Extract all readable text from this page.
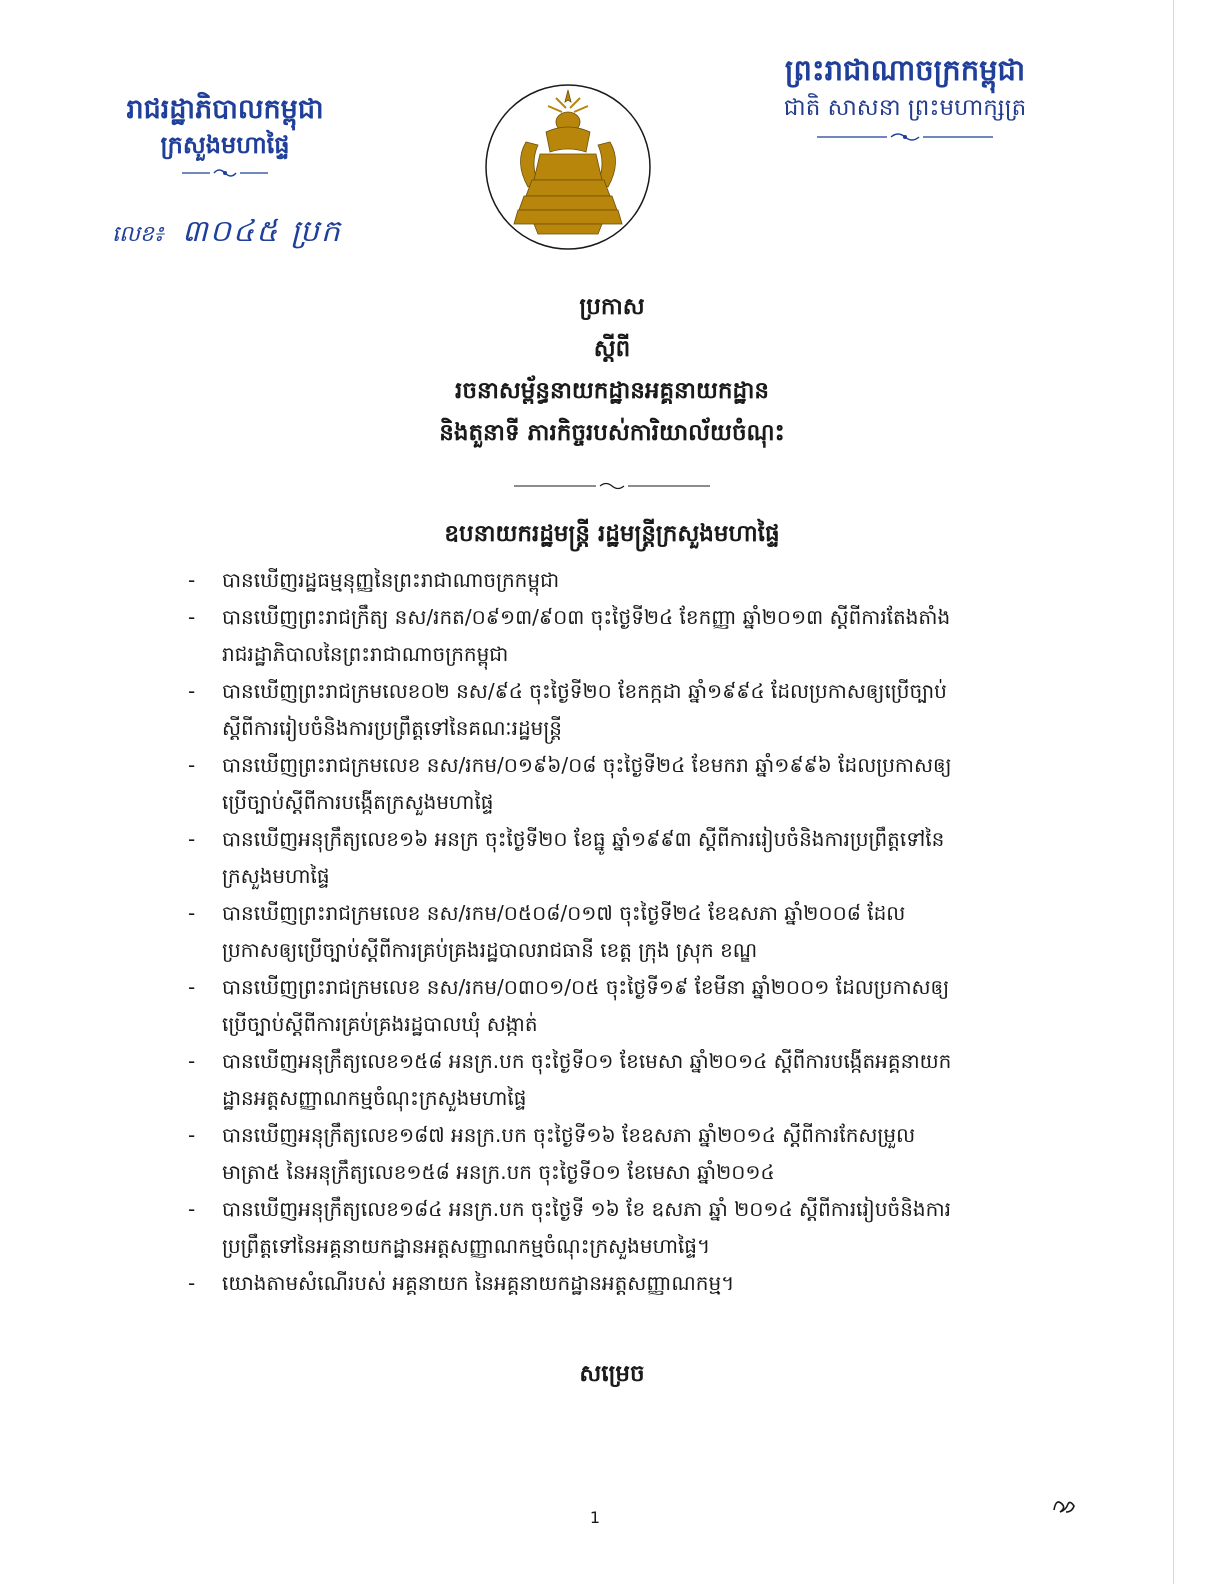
រាជរដ្ឋាភិបាលកម្ពុជា
ក្រសួងមហាផ្ទៃ
លេខ៖ ៣០៤៥ ប្រក
ព្រះរាជាណាចក្រកម្ពុជា
ជាតិ សាសនា ព្រះមហាក្សត្រ
ប្រកាស
ស្តីពី
រចនាសម្ព័ន្ធនាយកដ្ឋានអគ្គនាយកដ្ឋាន
និងតួនាទី ភារកិច្ចរបស់ការិយាល័យចំណុះ
ឧបនាយករដ្ឋមន្ត្រី រដ្ឋមន្ត្រីក្រសួងមហាផ្ទៃ
- បានឃើញរដ្ឋធម្មនុញ្ញនៃព្រះរាជាណាចក្រកម្ពុជា
- បានឃើញព្រះរាជក្រឹត្យ នស/រកត/០៩១៣/៩០៣ ចុះថ្ងៃទី២៤ ខែកញ្ញា ឆ្នាំ២០១៣ ស្តីពីការតែងតាំង
រាជរដ្ឋាភិបាលនៃព្រះរាជាណាចក្រកម្ពុជា
- បានឃើញព្រះរាជក្រមលេខ០២ នស/៩៤ ចុះថ្ងៃទី២០ ខែកក្កដា ឆ្នាំ១៩៩៤ ដែលប្រកាសឲ្យប្រើច្បាប់
ស្តីពីការរៀបចំនិងការប្រព្រឹត្តទៅនៃគណៈរដ្ឋមន្ត្រី
- បានឃើញព្រះរាជក្រមលេខ នស/រកម/០១៩៦/០៨ ចុះថ្ងៃទី២៤ ខែមករា ឆ្នាំ១៩៩៦ ដែលប្រកាសឲ្យ
ប្រើច្បាប់ស្តីពីការបង្កើតក្រសួងមហាផ្ទៃ
- បានឃើញអនុក្រឹត្យលេខ១៦ អនក្រ ចុះថ្ងៃទី២០ ខែធ្នូ ឆ្នាំ១៩៩៣ ស្តីពីការរៀបចំនិងការប្រព្រឹត្តទៅនៃ
ក្រសួងមហាផ្ទៃ
- បានឃើញព្រះរាជក្រមលេខ នស/រកម/០៥០៨/០១៧ ចុះថ្ងៃទី២៤ ខែឧសភា ឆ្នាំ២០០៨ ដែល
ប្រកាសឲ្យប្រើច្បាប់ស្តីពីការគ្រប់គ្រងរដ្ឋបាលរាជធានី ខេត្ត ក្រុង ស្រុក ខណ្ឌ
- បានឃើញព្រះរាជក្រមលេខ នស/រកម/០៣០១/០៥ ចុះថ្ងៃទី១៩ ខែមីនា ឆ្នាំ២០០១ ដែលប្រកាសឲ្យ
ប្រើច្បាប់ស្តីពីការគ្រប់គ្រងរដ្ឋបាលឃុំ សង្កាត់
- បានឃើញអនុក្រឹត្យលេខ១៥៨ អនក្រ.បក ចុះថ្ងៃទី០១ ខែមេសា ឆ្នាំ២០១៤ ស្តីពីការបង្កើតអគ្គនាយក
ដ្ឋានអត្តសញ្ញាណកម្មចំណុះក្រសួងមហាផ្ទៃ
- បានឃើញអនុក្រឹត្យលេខ១៨៧ អនក្រ.បក ចុះថ្ងៃទី១៦ ខែឧសភា ឆ្នាំ២០១៤ ស្តីពីការកែសម្រួល
មាត្រា៥ នៃអនុក្រឹត្យលេខ១៥៨ អនក្រ.បក ចុះថ្ងៃទី០១ ខែមេសា ឆ្នាំ២០១៤
- បានឃើញអនុក្រឹត្យលេខ១៨៤ អនក្រ.បក ចុះថ្ងៃទី ១៦ ខែ ឧសភា ឆ្នាំ ២០១៤ ស្តីពីការរៀបចំនិងការ
ប្រព្រឹត្តទៅនៃអគ្គនាយកដ្ឋានអត្តសញ្ញាណកម្មចំណុះក្រសួងមហាផ្ទៃ។
- យោងតាមសំណើរបស់ អគ្គនាយក នៃអគ្គនាយកដ្ឋានអត្តសញ្ញាណកម្ម។
សម្រេច
1
